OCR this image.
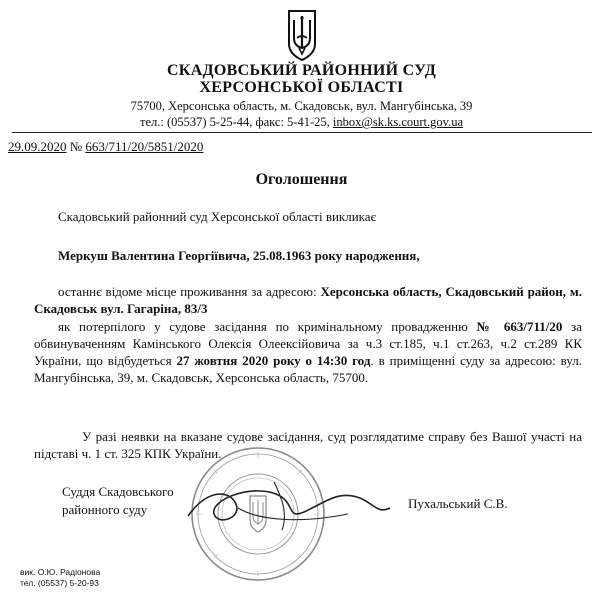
СКАДОВСЬКИЙ РАЙОННИЙ СУД
ХЕРСОНСЬКОЇ ОБЛАСТІ
75700, Херсонська область, м. Скадовськ, вул. Мангубінська, 39
тел.: (05537) 5-25-44, факс: 5-41-25, inbox@sk.ks.court.gov.ua
29.09.2020 № 663/711/20/5851/2020
Оголошення
Скадовський районний суд Херсонської області викликає
Меркуш Валентина Георгіївича, 25.08.1963 року народження,
останнє відоме місце проживання за адресою: Херсонська область, Скадовський район, м. Скадовськ вул. Гагаріна, 83/3
як потерпілого у судове засідання по кримінальному провадженню № 663/711/20 за обвинуваченням Камінського Олексія Олеексійовича за ч.3 ст.185, ч.1 ст.263, ч.2 ст.289 КК України, що відбудеться 27 жовтня 2020 року о 14:30 год. в приміщенні суду за адресою: вул. Мангубінська, 39, м. Скадовськ, Херсонська область, 75700.
У разі неявки на вказане судове засідання, суд розглядатиме справу без Вашої участі на підставі ч. 1 ст. 325 КПК України.
Суддя Скадовського
районного суду	Пухальський С.В.
вик. О.Ю. Радіонова
тел. (05537) 5-20-93
